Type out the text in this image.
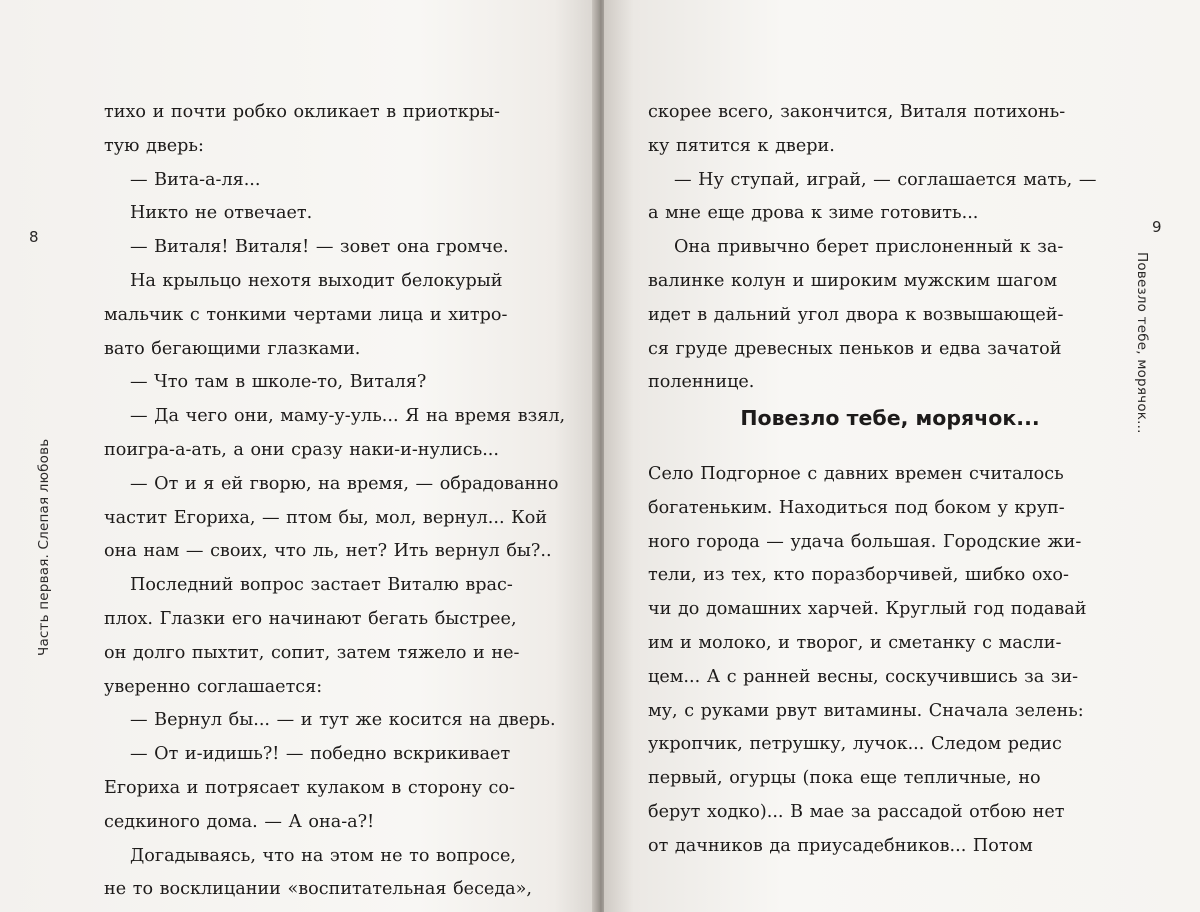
8
Часть первая. Слепая любовь
тихо и почти робко окликает в приоткры-
тую дверь:
— Вита-а-ля...
Никто не отвечает.
— Виталя! Виталя! — зовет она громче.
На крыльцо нехотя выходит белокурый
мальчик с тонкими чертами лица и хитро-
вато бегающими глазками.
— Что там в школе-то, Виталя?
— Да чего они, маму-у-уль... Я на время взял,
поигра-а-ать, а они сразу наки-и-нулись...
— От и я ей гворю, на время, — обрадованно
частит Егориха, — птом бы, мол, вернул... Кой
она нам — своих, что ль, нет? Ить вернул бы?..
Последний вопрос застает Виталю врас-
плох. Глазки его начинают бегать быстрее,
он долго пыхтит, сопит, затем тяжело и не-
уверенно соглашается:
— Вернул бы... — и тут же косится на дверь.
— От и-идишь?! — победно вскрикивает
Егориха и потрясает кулаком в сторону со-
седкиного дома. — А она-а?!
Догадываясь, что на этом не то вопросе,
не то восклицании «воспитательная беседа»,
9
Повезло тебе, морячок...
скорее всего, закончится, Виталя потихонь-
ку пятится к двери.
— Ну ступай, играй, — соглашается мать, —
а мне еще дрова к зиме готовить...
Она привычно берет прислоненный к за-
валинке колун и широким мужским шагом
идет в дальний угол двора к возвышающей-
ся груде древесных пеньков и едва зачатой
поленнице.
Повезло тебе, морячок...
Село Подгорное с давних времен считалось
богатеньким. Находиться под боком у круп-
ного города — удача большая. Городские жи-
тели, из тех, кто поразборчивей, шибко охо-
чи до домашних харчей. Круглый год подавай
им и молоко, и творог, и сметанку с масли-
цем... А с ранней весны, соскучившись за зи-
му, с руками рвут витамины. Сначала зелень:
укропчик, петрушку, лучок... Следом редис
первый, огурцы (пока еще тепличные, но
берут ходко)... В мае за рассадой отбою нет
от дачников да приусадебников... Потом
